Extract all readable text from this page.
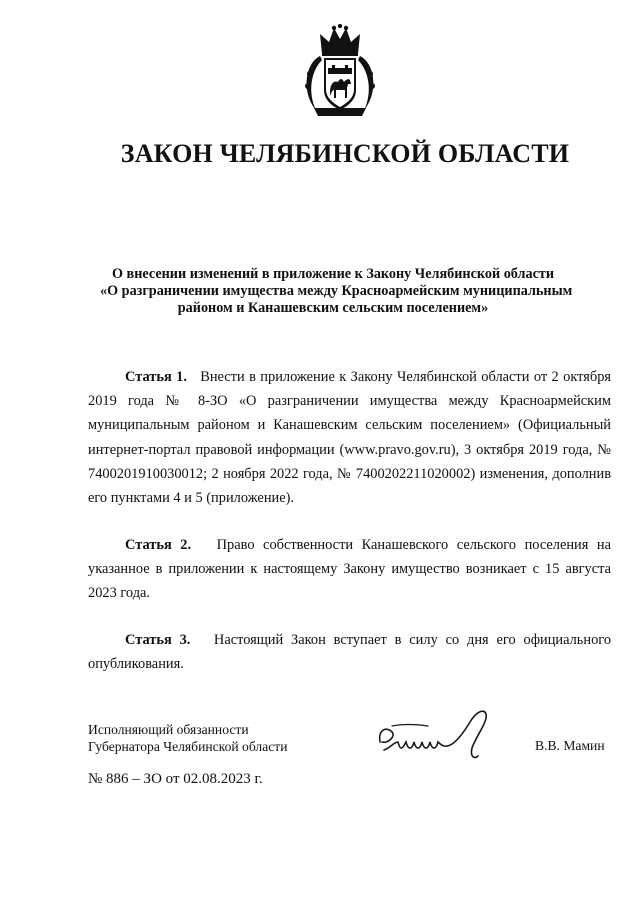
ЗАКОН ЧЕЛЯБИНСКОЙ ОБЛАСТИ
О внесении изменений в приложение к Закону Челябинской области
«О разграничении имущества между Красноармейским муниципальным
районом и Канашевским сельским поселением»
Статья 1. Внести в приложение к Закону Челябинской области от 2 октября 2019 года № 8-ЗО «О разграничении имущества между Красноармейским муниципальным районом и Канашевским сельским поселением» (Официальный интернет-портал правовой информации (www.pravo.gov.ru), 3 октября 2019 года, № 7400201910030012; 2 ноября 2022 года, № 7400202211020002) изменения, дополнив его пунктами 4 и 5 (приложение).
Статья 2. Право собственности Канашевского сельского поселения на указанное в приложении к настоящему Закону имущество возникает с 15 августа 2023 года.
Статья 3. Настоящий Закон вступает в силу со дня его официального опубликования.
Исполняющий обязанности
Губернатора Челябинской области	В.В. Мамин
№ 886 – ЗО от 02.08.2023 г.
